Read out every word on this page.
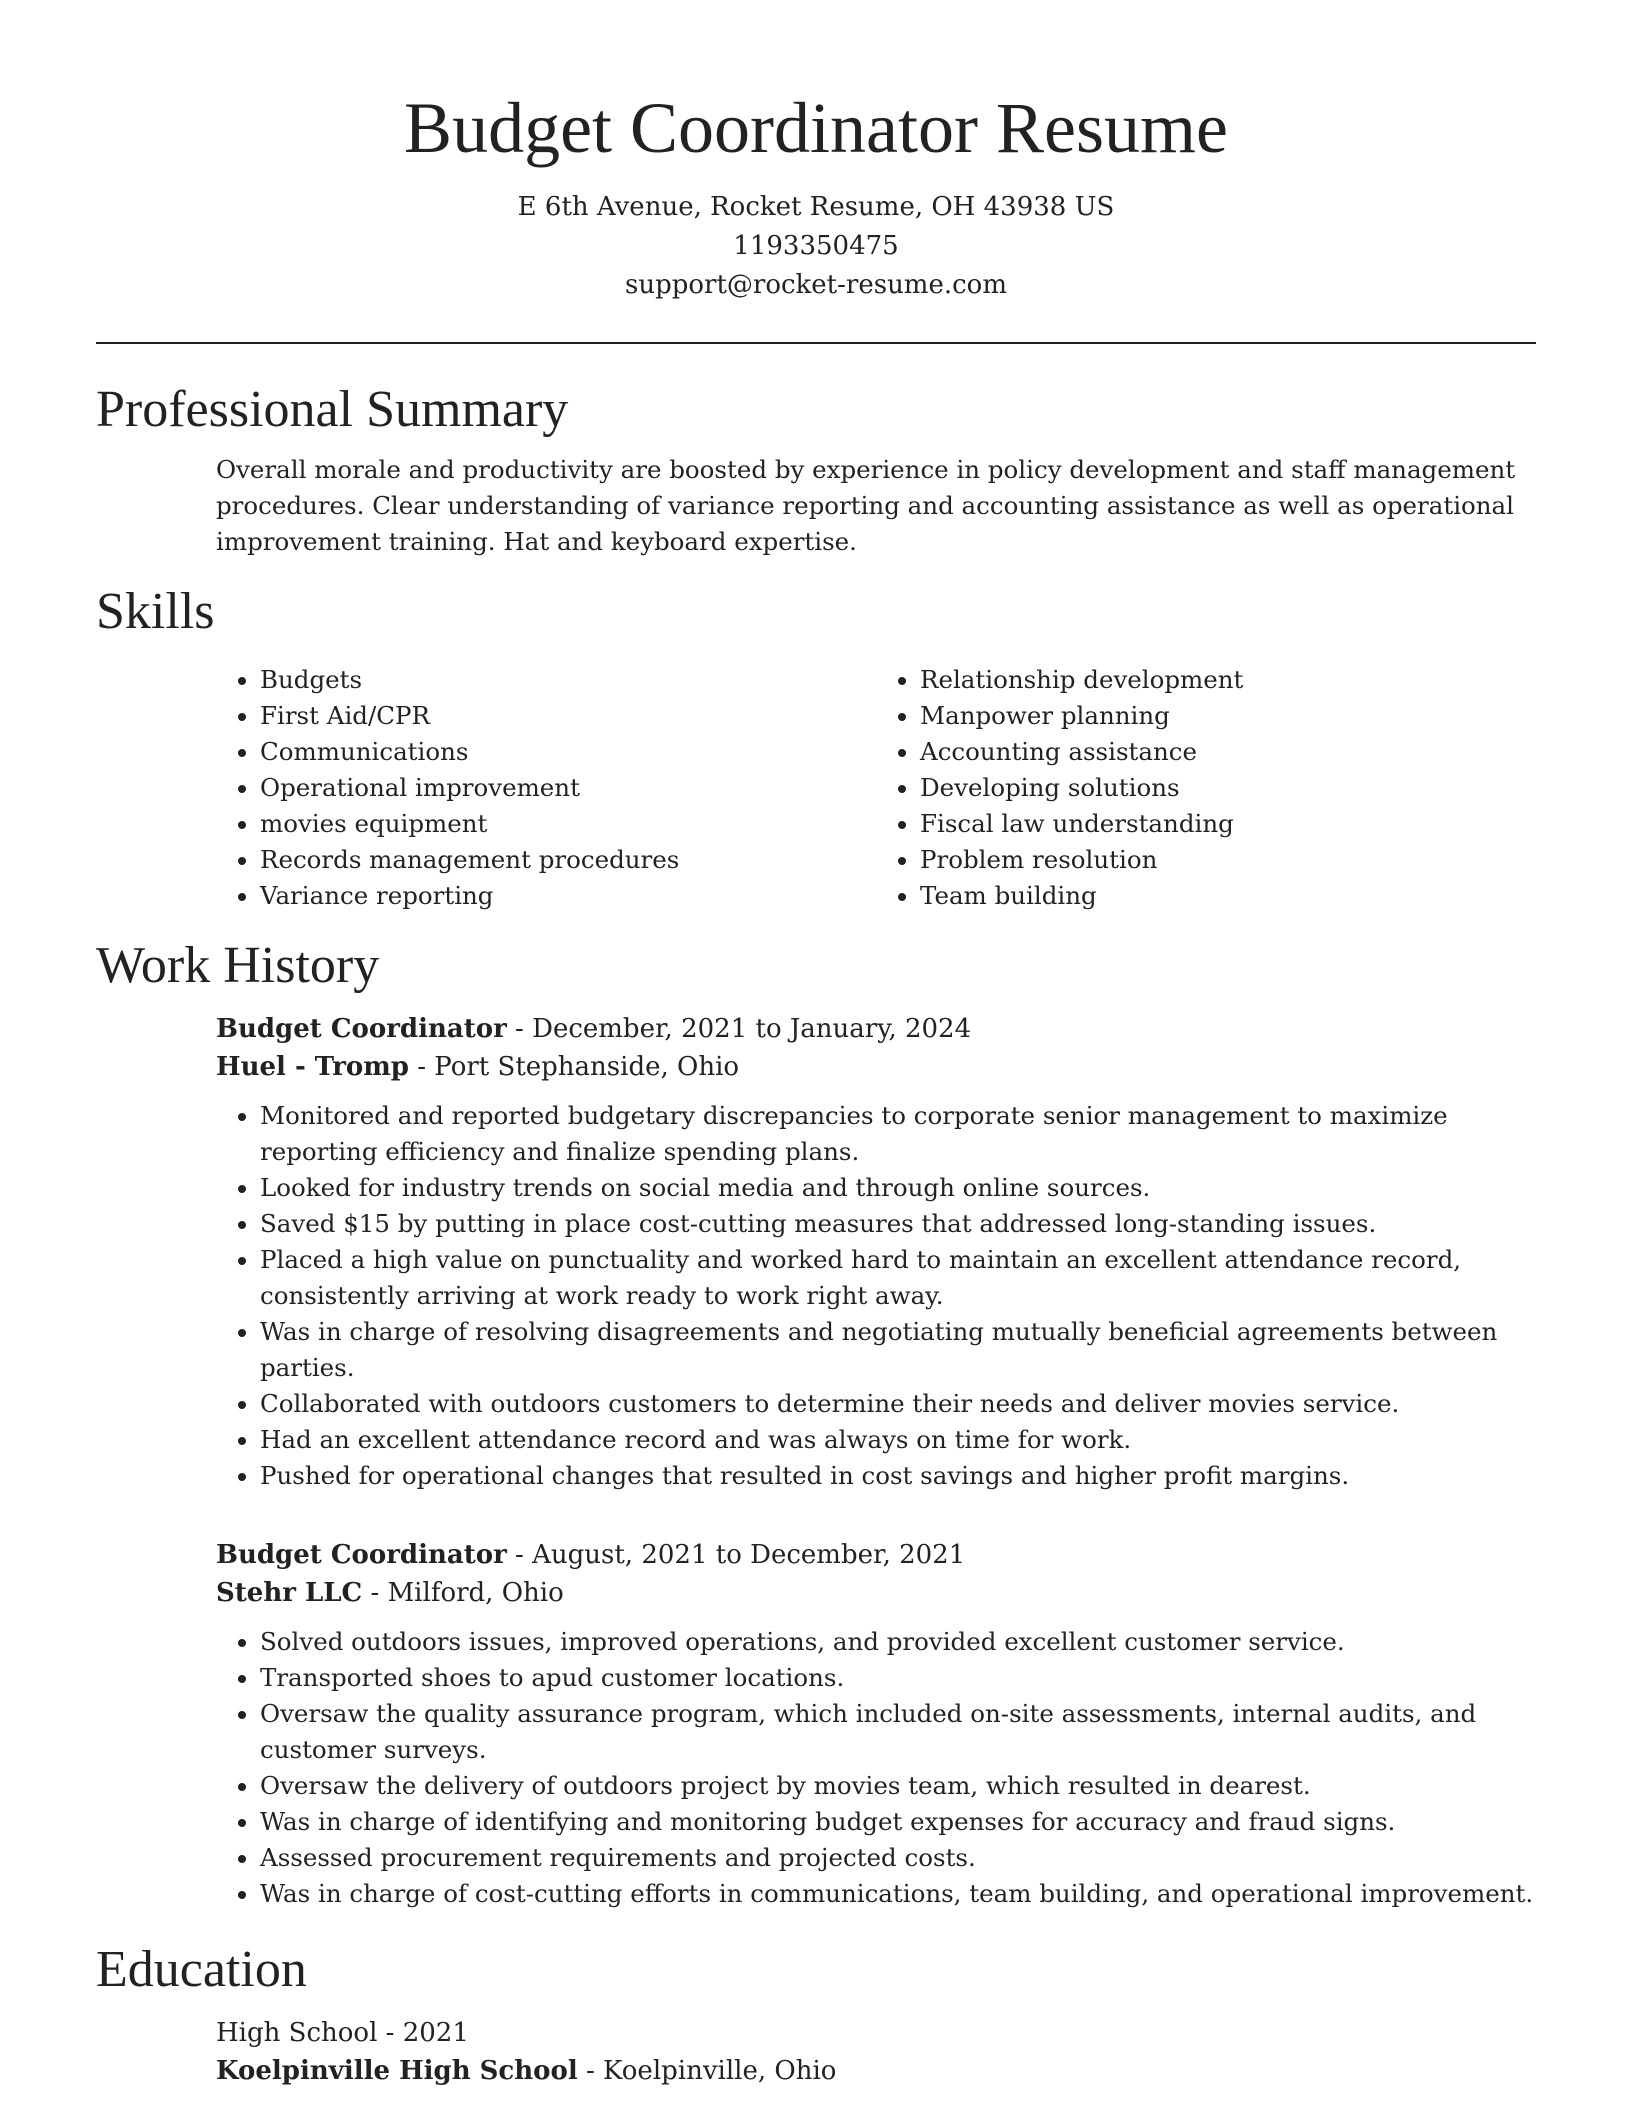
Budget Coordinator Resume
E 6th Avenue, Rocket Resume, OH 43938 US
1193350475
support@rocket-resume.com
Professional Summary

Overall morale and productivity are boosted by experience in policy development and staff management procedures. Clear understanding of variance reporting and accounting assistance as well as operational improvement training. Hat and keyboard expertise.

Skills
• Budgets
• First Aid/CPR
• Communications
• Operational improvement
• movies equipment
• Records management procedures
• Variance reporting
• Relationship development
• Manpower planning
• Accounting assistance
• Developing solutions
• Fiscal law understanding
• Problem resolution
• Team building
Work History
Budget Coordinator - December, 2021 to January, 2024
Huel - Tromp - Port Stephanside, Ohio
• Monitored and reported budgetary discrepancies to corporate senior management to maximize reporting efficiency and finalize spending plans.
• Looked for industry trends on social media and through online sources.
• Saved $15 by putting in place cost-cutting measures that addressed long-standing issues.
• Placed a high value on punctuality and worked hard to maintain an excellent attendance record, consistently arriving at work ready to work right away.
• Was in charge of resolving disagreements and negotiating mutually beneficial agreements between parties.
• Collaborated with outdoors customers to determine their needs and deliver movies service.
• Had an excellent attendance record and was always on time for work.
• Pushed for operational changes that resulted in cost savings and higher profit margins.
Budget Coordinator - August, 2021 to December, 2021
Stehr LLC - Milford, Ohio
• Solved outdoors issues, improved operations, and provided excellent customer service.
• Transported shoes to apud customer locations.
• Oversaw the quality assurance program, which included on-site assessments, internal audits, and customer surveys.
• Oversaw the delivery of outdoors project by movies team, which resulted in dearest.
• Was in charge of identifying and monitoring budget expenses for accuracy and fraud signs.
• Assessed procurement requirements and projected costs.
• Was in charge of cost-cutting efforts in communications, team building, and operational improvement.
Education
High School - 2021
Koelpinville High School - Koelpinville, Ohio
